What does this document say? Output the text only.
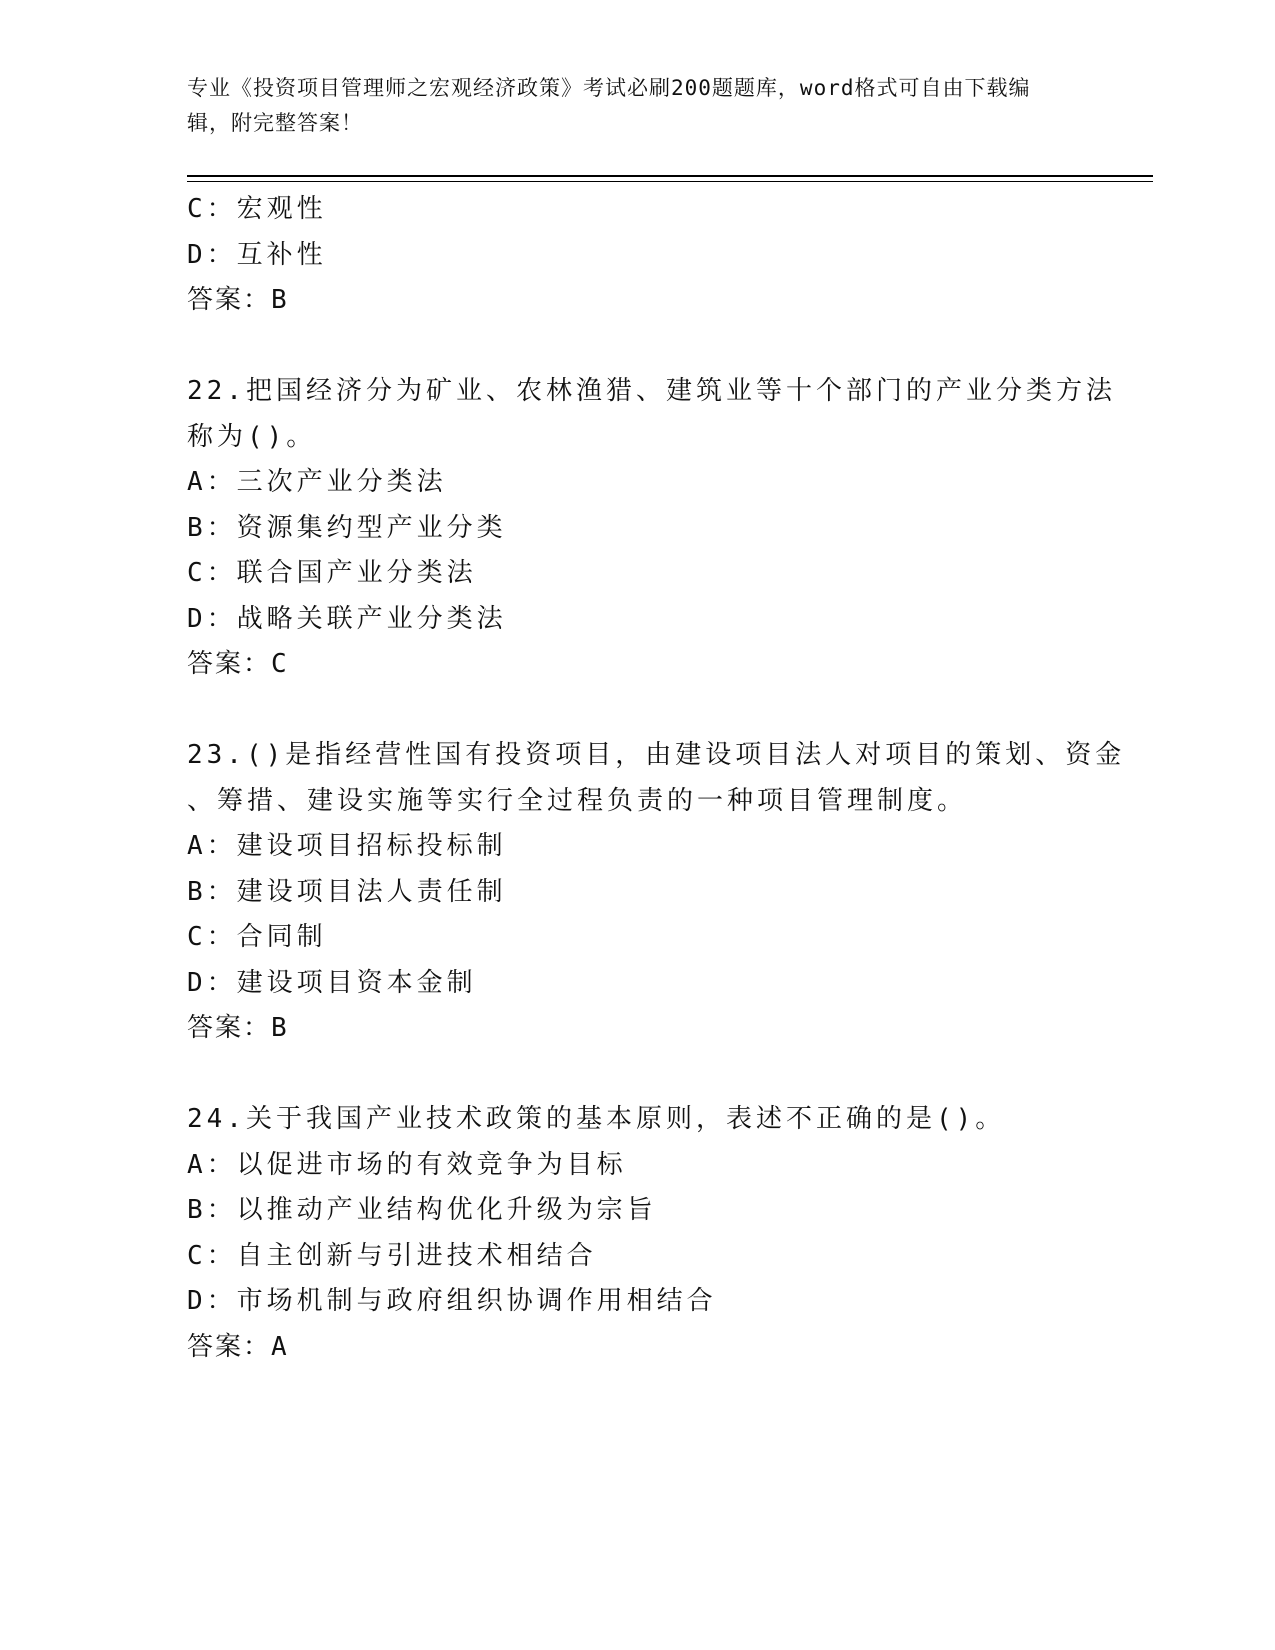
专业《投资项目管理师之宏观经济政策》考试必刷200题题库，word格式可自由下载编辑，附完整答案！
C：宏观性
D：互补性
答案：B
22.把国经济分为矿业、农林渔猎、建筑业等十个部门的产业分类方法
称为()。
A：三次产业分类法
B：资源集约型产业分类
C：联合国产业分类法
D：战略关联产业分类法
答案：C
23.()是指经营性国有投资项目，由建设项目法人对项目的策划、资金
、筹措、建设实施等实行全过程负责的一种项目管理制度。
A：建设项目招标投标制
B：建设项目法人责任制
C：合同制
D：建设项目资本金制
答案：B
24.关于我国产业技术政策的基本原则，表述不正确的是()。
A：以促进市场的有效竞争为目标
B：以推动产业结构优化升级为宗旨
C：自主创新与引进技术相结合
D：市场机制与政府组织协调作用相结合
答案：A
